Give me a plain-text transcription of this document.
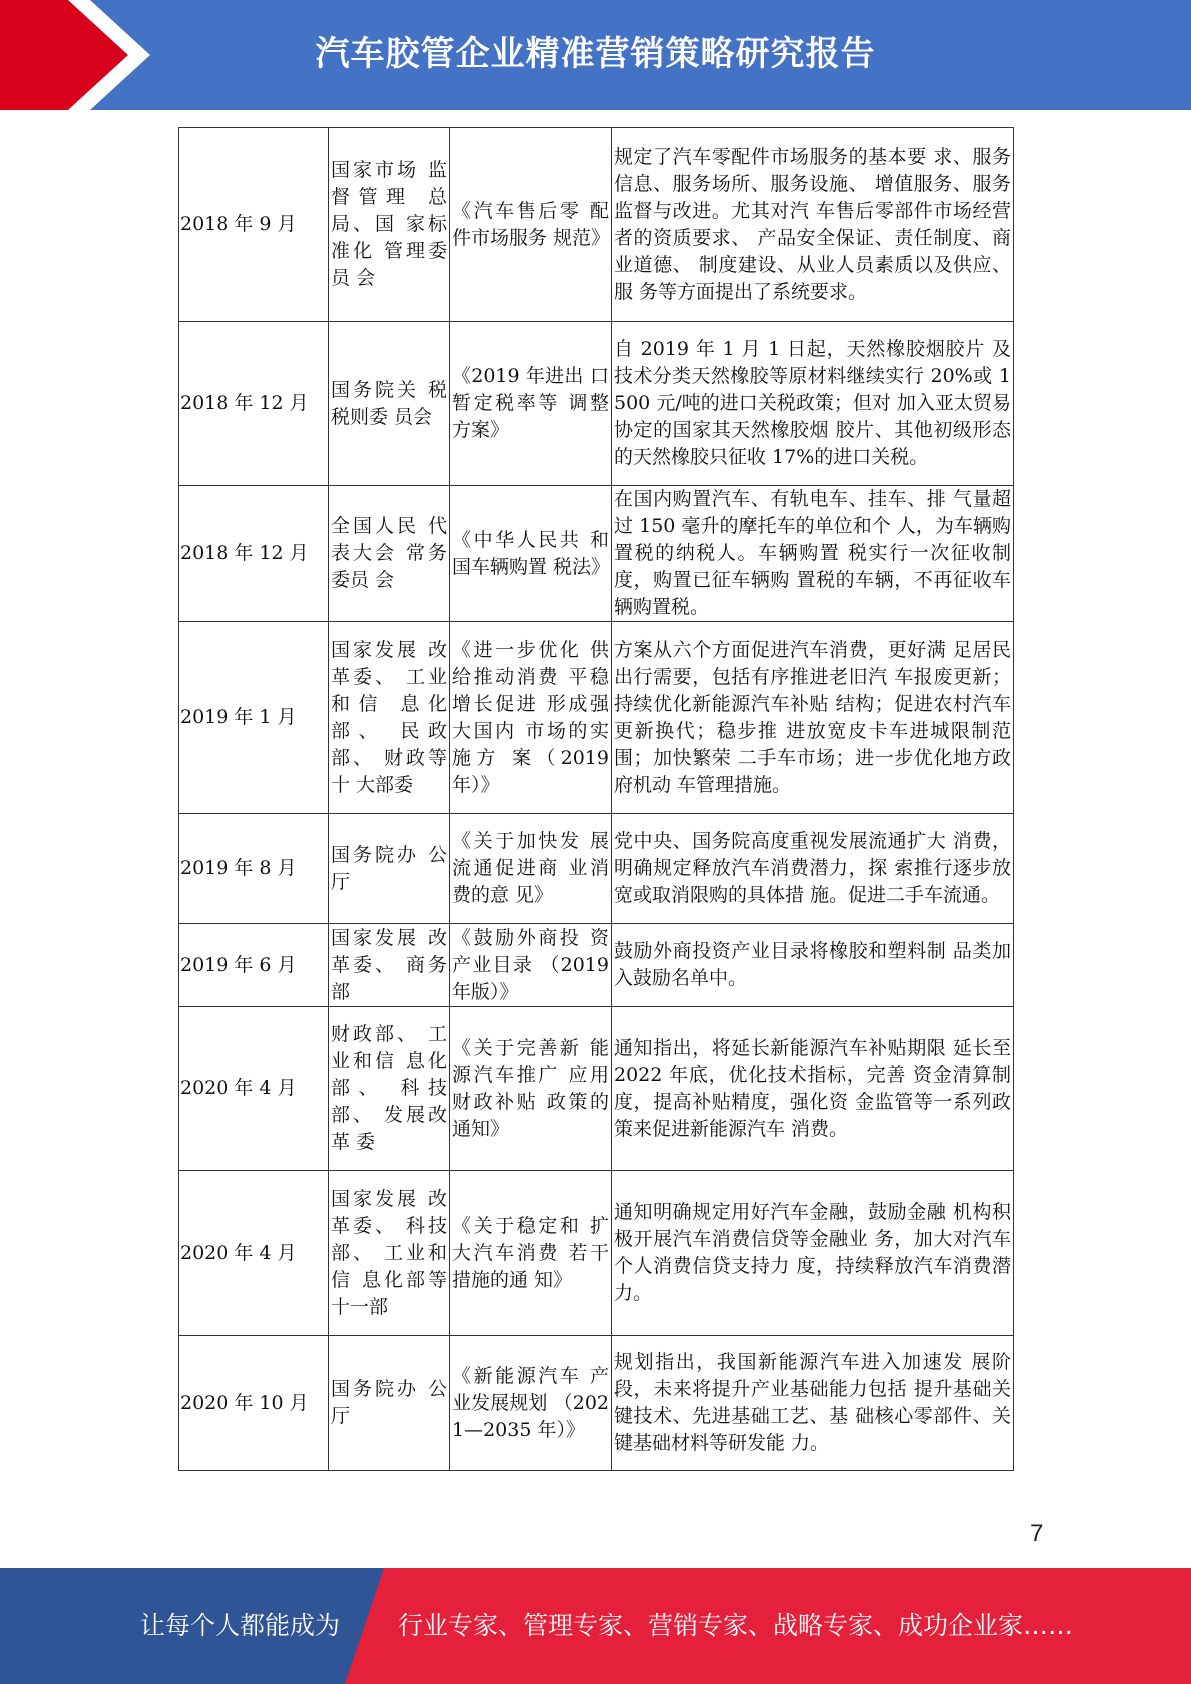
汽车胶管企业精准营销策略研究报告
2018 年 9 月	国家市场 监督管理 总局、国 家标准化 管理委员 会	《汽车售后零 配件市场服务 规范》	规定了汽车零配件市场服务的基本要 求、服务信息、服务场所、服务设施、 增值服务、服务监督与改进。尤其对汽 车售后零部件市场经营者的资质要求、 产品安全保证、责任制度、商业道德、 制度建设、从业人员素质以及供应、服 务等方面提出了系统要求。
2018 年 12 月	国务院关 税税则委 员会	《2019 年进出 口暂定税率等 调整方案》	自 2019 年 1 月 1 日起，天然橡胶烟胶片 及技术分类天然橡胶等原材料继续实行 20%或 1500 元/吨的进口关税政策；但对 加入亚太贸易协定的国家其天然橡胶烟 胶片、其他初级形态的天然橡胶只征收 17%的进口关税。
2018 年 12 月	全国人民 代表大会 常务委员 会	《中华人民共 和国车辆购置 税法》	在国内购置汽车、有轨电车、挂车、排 气量超过 150 毫升的摩托车的单位和个 人，为车辆购置税的纳税人。车辆购置 税实行一次征收制度，购置已征车辆购 置税的车辆，不再征收车辆购置税。
2019 年 1 月	国家发展 改革委、 工业和信 息化部、 民政部、 财政等十 大部委	《进一步优化 供给推动消费 平稳增长促进 形成强大国内 市场的实施方 案（2019 年）》	方案从六个方面促进汽车消费，更好满 足居民出行需要，包括有序推进老旧汽 车报废更新；持续优化新能源汽车补贴 结构；促进农村汽车更新换代；稳步推 进放宽皮卡车进城限制范围；加快繁荣 二手车市场；进一步优化地方政府机动 车管理措施。
2019 年 8 月	国务院办 公厅	《关于加快发 展流通促进商 业消费的意 见》	党中央、国务院高度重视发展流通扩大 消费，明确规定释放汽车消费潜力，探 索推行逐步放宽或取消限购的具体措 施。促进二手车流通。
2019 年 6 月	国家发展 改革委、 商务部	《鼓励外商投 资产业目录 （2019 年版）》	鼓励外商投资产业目录将橡胶和塑料制 品类加入鼓励名单中。
2020 年 4 月	财政部、 工业和信 息化部、 科技部、 发展改革 委	《关于完善新 能源汽车推广 应用财政补贴 政策的通知》	通知指出，将延长新能源汽车补贴期限 延长至 2022 年底，优化技术指标，完善 资金清算制度，提高补贴精度，强化资 金监管等一系列政策来促进新能源汽车 消费。
2020 年 4 月	国家发展 改革委、 科技部、 工业和信 息化部等 十一部	《关于稳定和 扩大汽车消费 若干措施的通 知》	通知明确规定用好汽车金融，鼓励金融 机构积极开展汽车消费信贷等金融业 务，加大对汽车个人消费信贷支持力 度，持续释放汽车消费潜力。
2020 年 10 月	国务院办 公厅	《新能源汽车 产业发展规划 （2021—2035 年）》	规划指出，我国新能源汽车进入加速发 展阶段，未来将提升产业基础能力包括 提升基础关键技术、先进基础工艺、基 础核心零部件、关键基础材料等研发能 力。
7
让每个人都能成为 行业专家、管理专家、营销专家、战略专家、成功企业家……
